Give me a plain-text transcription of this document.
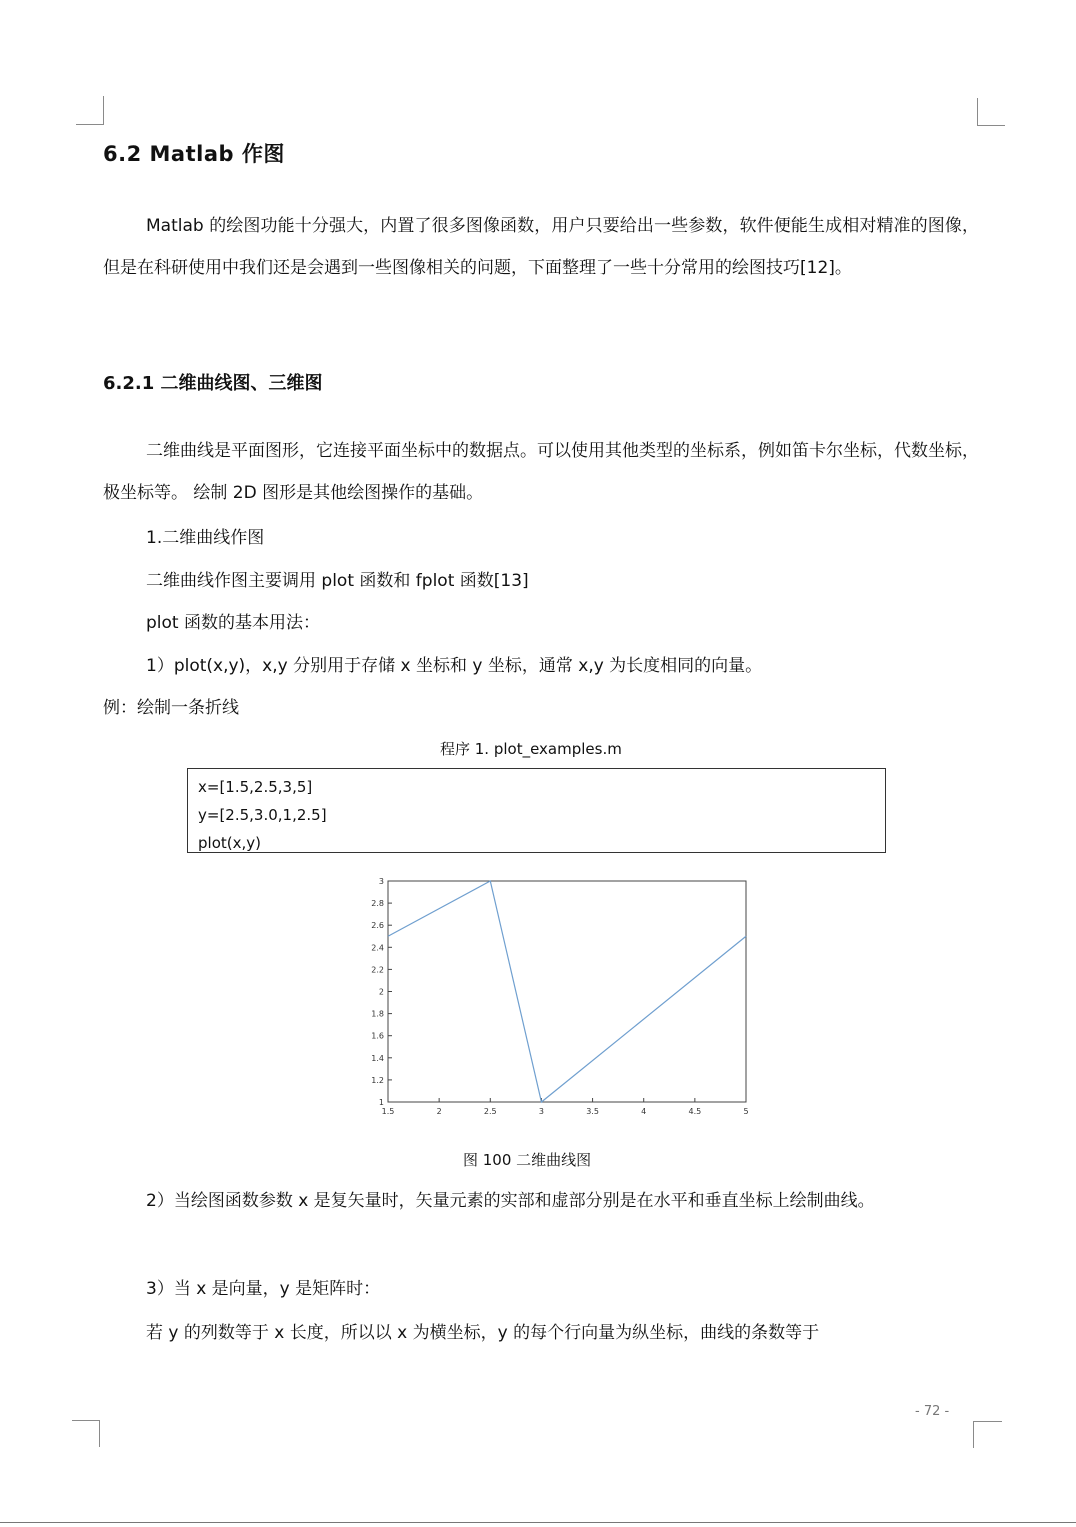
6.2 Matlab 作图
Matlab 的绘图功能十分强大，内置了很多图像函数，用户只要给出一些参数，软件便能生成相对精准的图像，但是在科研使用中我们还是会遇到一些图像相关的问题，下面整理了一些十分常用的绘图技巧[12]。
6.2.1 二维曲线图、三维图
二维曲线是平面图形，它连接平面坐标中的数据点。可以使用其他类型的坐标系，例如笛卡尔坐标，代数坐标，极坐标等。 绘制 2D 图形是其他绘图操作的基础。
1.二维曲线作图
二维曲线作图主要调用 plot 函数和 fplot 函数[13]
plot 函数的基本用法：
1）plot(x,y)，x,y 分别用于存储 x 坐标和 y 坐标，通常 x,y 为长度相同的向量。
例：绘制一条折线
程序 1. plot_examples.m
x=[1.5,2.5,3,5]
y=[2.5,3.0,1,2.5]
plot(x,y)
1.5	2	2.5	3	3.5	4	4.5	5
1
1.2
1.4
1.6
1.8
2
2.2
2.4
2.6
2.8
3
图 100 二维曲线图
2）当绘图函数参数 x 是复矢量时，矢量元素的实部和虚部分别是在水平和垂直坐标上绘制曲线。
3）当 x 是向量，y 是矩阵时：
若 y 的列数等于 x 长度，所以以 x 为横坐标，y 的每个行向量为纵坐标，曲线的条数等于
- 72 -
